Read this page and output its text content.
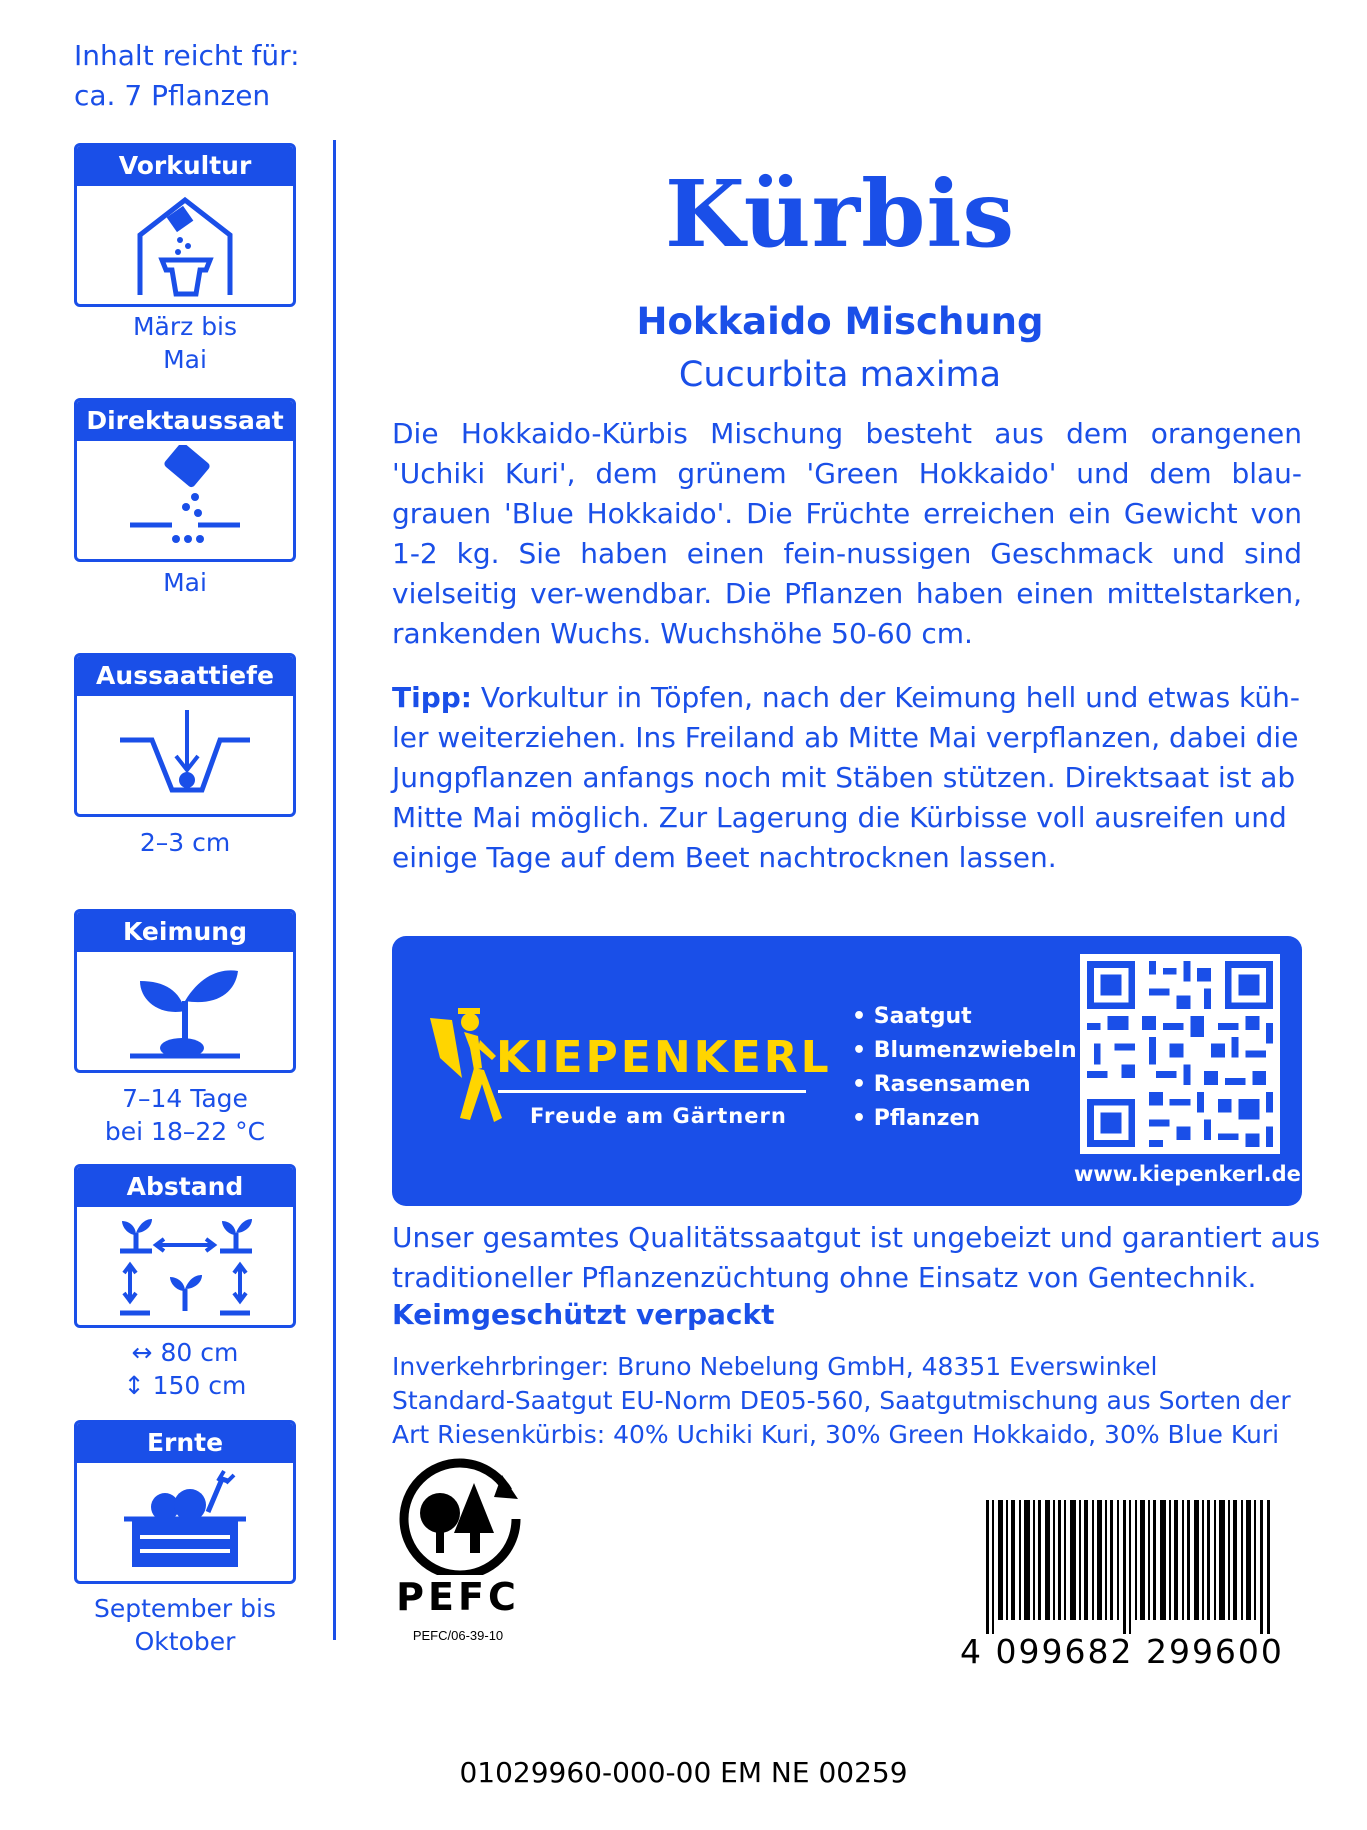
Inhalt reicht für:
ca. 7 Pflanzen
Vorkultur
März bis
Mai
Direktaussaat
Mai
Aussaattiefe
2–3 cm
Keimung
7–14 Tage
bei 18–22 °C
Abstand
↔ 80 cm
↕ 150 cm
Ernte
September bis
Oktober
Kürbis
Hokkaido Mischung
Cucurbita maxima
Die Hokkaido-Kürbis Mischung besteht aus dem orangenen 'Uchiki Kuri', dem grünem 'Green Hokkaido' und dem blau-grauen 'Blue Hokkaido'. Die Früchte erreichen ein Gewicht von 1-2 kg. Sie haben einen fein-nussigen Geschmack und sind vielseitig ver-wendbar. Die Pflanzen haben einen mittelstarken, rankenden Wuchs. Wuchshöhe 50-60 cm.
Tipp: Vorkultur in Töpfen, nach der Keimung hell und etwas küh-ler weiterziehen. Ins Freiland ab Mitte Mai verpflanzen, dabei die Jungpflanzen anfangs noch mit Stäben stützen. Direktsaat ist ab Mitte Mai möglich. Zur Lagerung die Kürbisse voll ausreifen und einige Tage auf dem Beet nachtrocknen lassen.
KIEPENKERL
Freude am Gärtnern
• Saatgut
• Blumenzwiebeln
• Rasensamen
• Pflanzen
www.kiepenkerl.de
Unser gesamtes Qualitätssaatgut ist ungebeizt und garantiert aus traditioneller Pflanzenzüchtung ohne Einsatz von Gentechnik.
Keimgeschützt verpackt
Inverkehrbringer: Bruno Nebelung GmbH, 48351 Everswinkel
Standard-Saatgut EU-Norm DE05-560, Saatgutmischung aus Sorten der
Art Riesenkürbis: 40% Uchiki Kuri, 30% Green Hokkaido, 30% Blue Kuri
PEFC
PEFC/06-39-10	4 099682 299600
01029960-000-00 EM NE 00259
